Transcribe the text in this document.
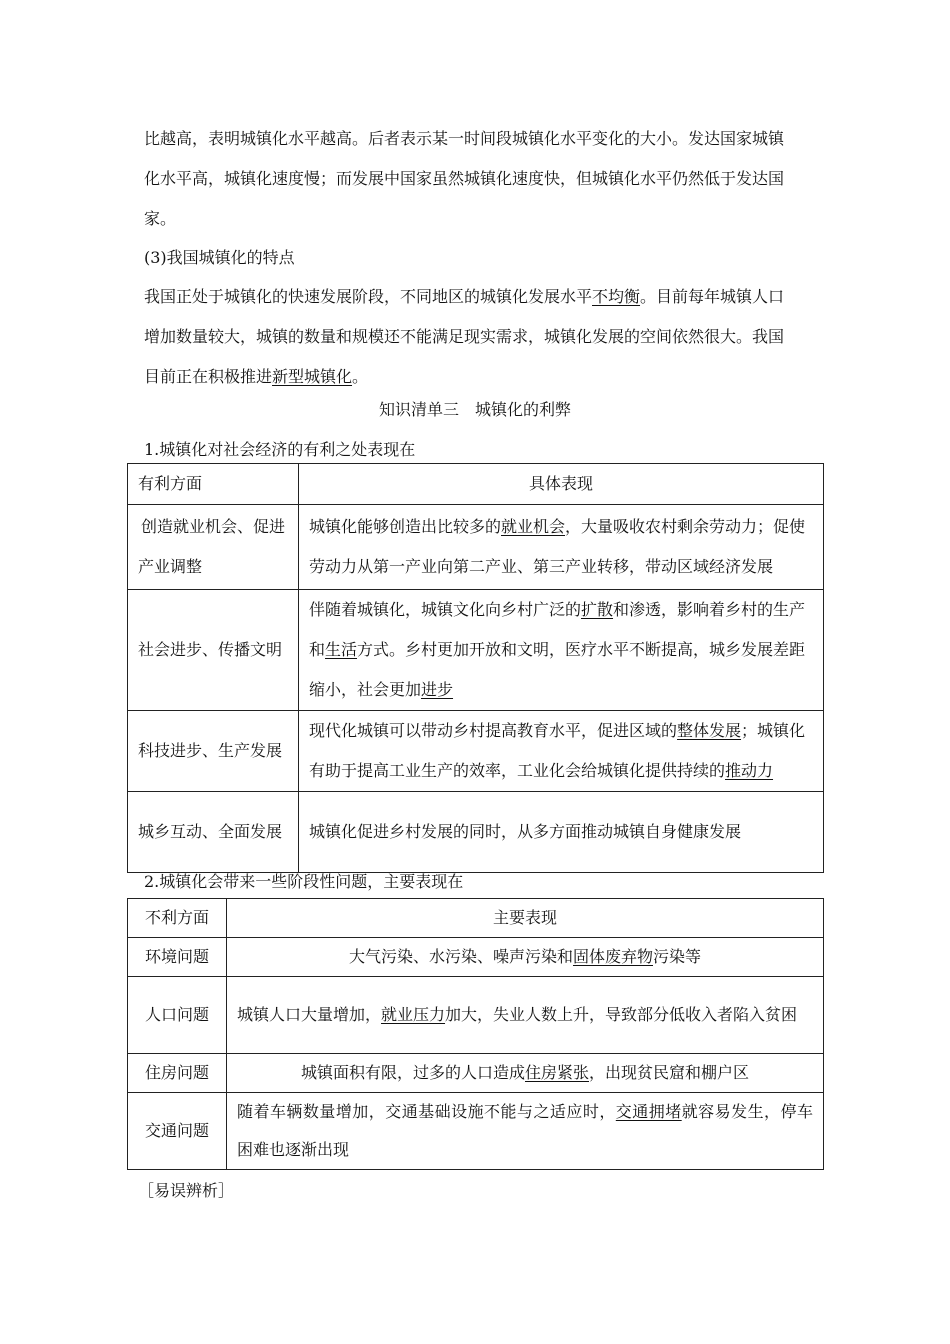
比越高，表明城镇化水平越高。后者表示某一时间段城镇化水平变化的大小。发达国家城镇

化水平高，城镇化速度慢；而发展中国家虽然城镇化速度快，但城镇化水平仍然低于发达国

家。

(3)我国城镇化的特点

我国正处于城镇化的快速发展阶段，不同地区的城镇化发展水平不均衡。目前每年城镇人口

增加数量较大，城镇的数量和规模还不能满足现实需求，城镇化发展的空间依然很大。我国

目前正在积极推进新型城镇化。

知识清单三　城镇化的利弊

1.城镇化对社会经济的有利之处表现在

有利方面	具体表现
创造就业机会、促进产业调整	城镇化能够创造出比较多的就业机会，大量吸收农村剩余劳动力；促使劳动力从第一产业向第二产业、第三产业转移，带动区域经济发展
社会进步、传播文明	伴随着城镇化，城镇文化向乡村广泛的扩散和渗透，影响着乡村的生产和生活方式。乡村更加开放和文明，医疗水平不断提高，城乡发展差距缩小，社会更加进步
科技进步、生产发展	现代化城镇可以带动乡村提高教育水平，促进区域的整体发展；城镇化有助于提高工业生产的效率，工业化会给城镇化提供持续的推动力
城乡互动、全面发展	城镇化促进乡村发展的同时，从多方面推动城镇自身健康发展

2.城镇化会带来一些阶段性问题，主要表现在

不利方面	主要表现
环境问题	大气污染、水污染、噪声污染和固体废弃物污染等
人口问题	城镇人口大量增加，就业压力加大，失业人数上升，导致部分低收入者陷入贫困
住房问题	城镇面积有限，过多的人口造成住房紧张，出现贫民窟和棚户区
交通问题	随着车辆数量增加，交通基础设施不能与之适应时，交通拥堵就容易发生，停车困难也逐渐出现

［易误辨析］
